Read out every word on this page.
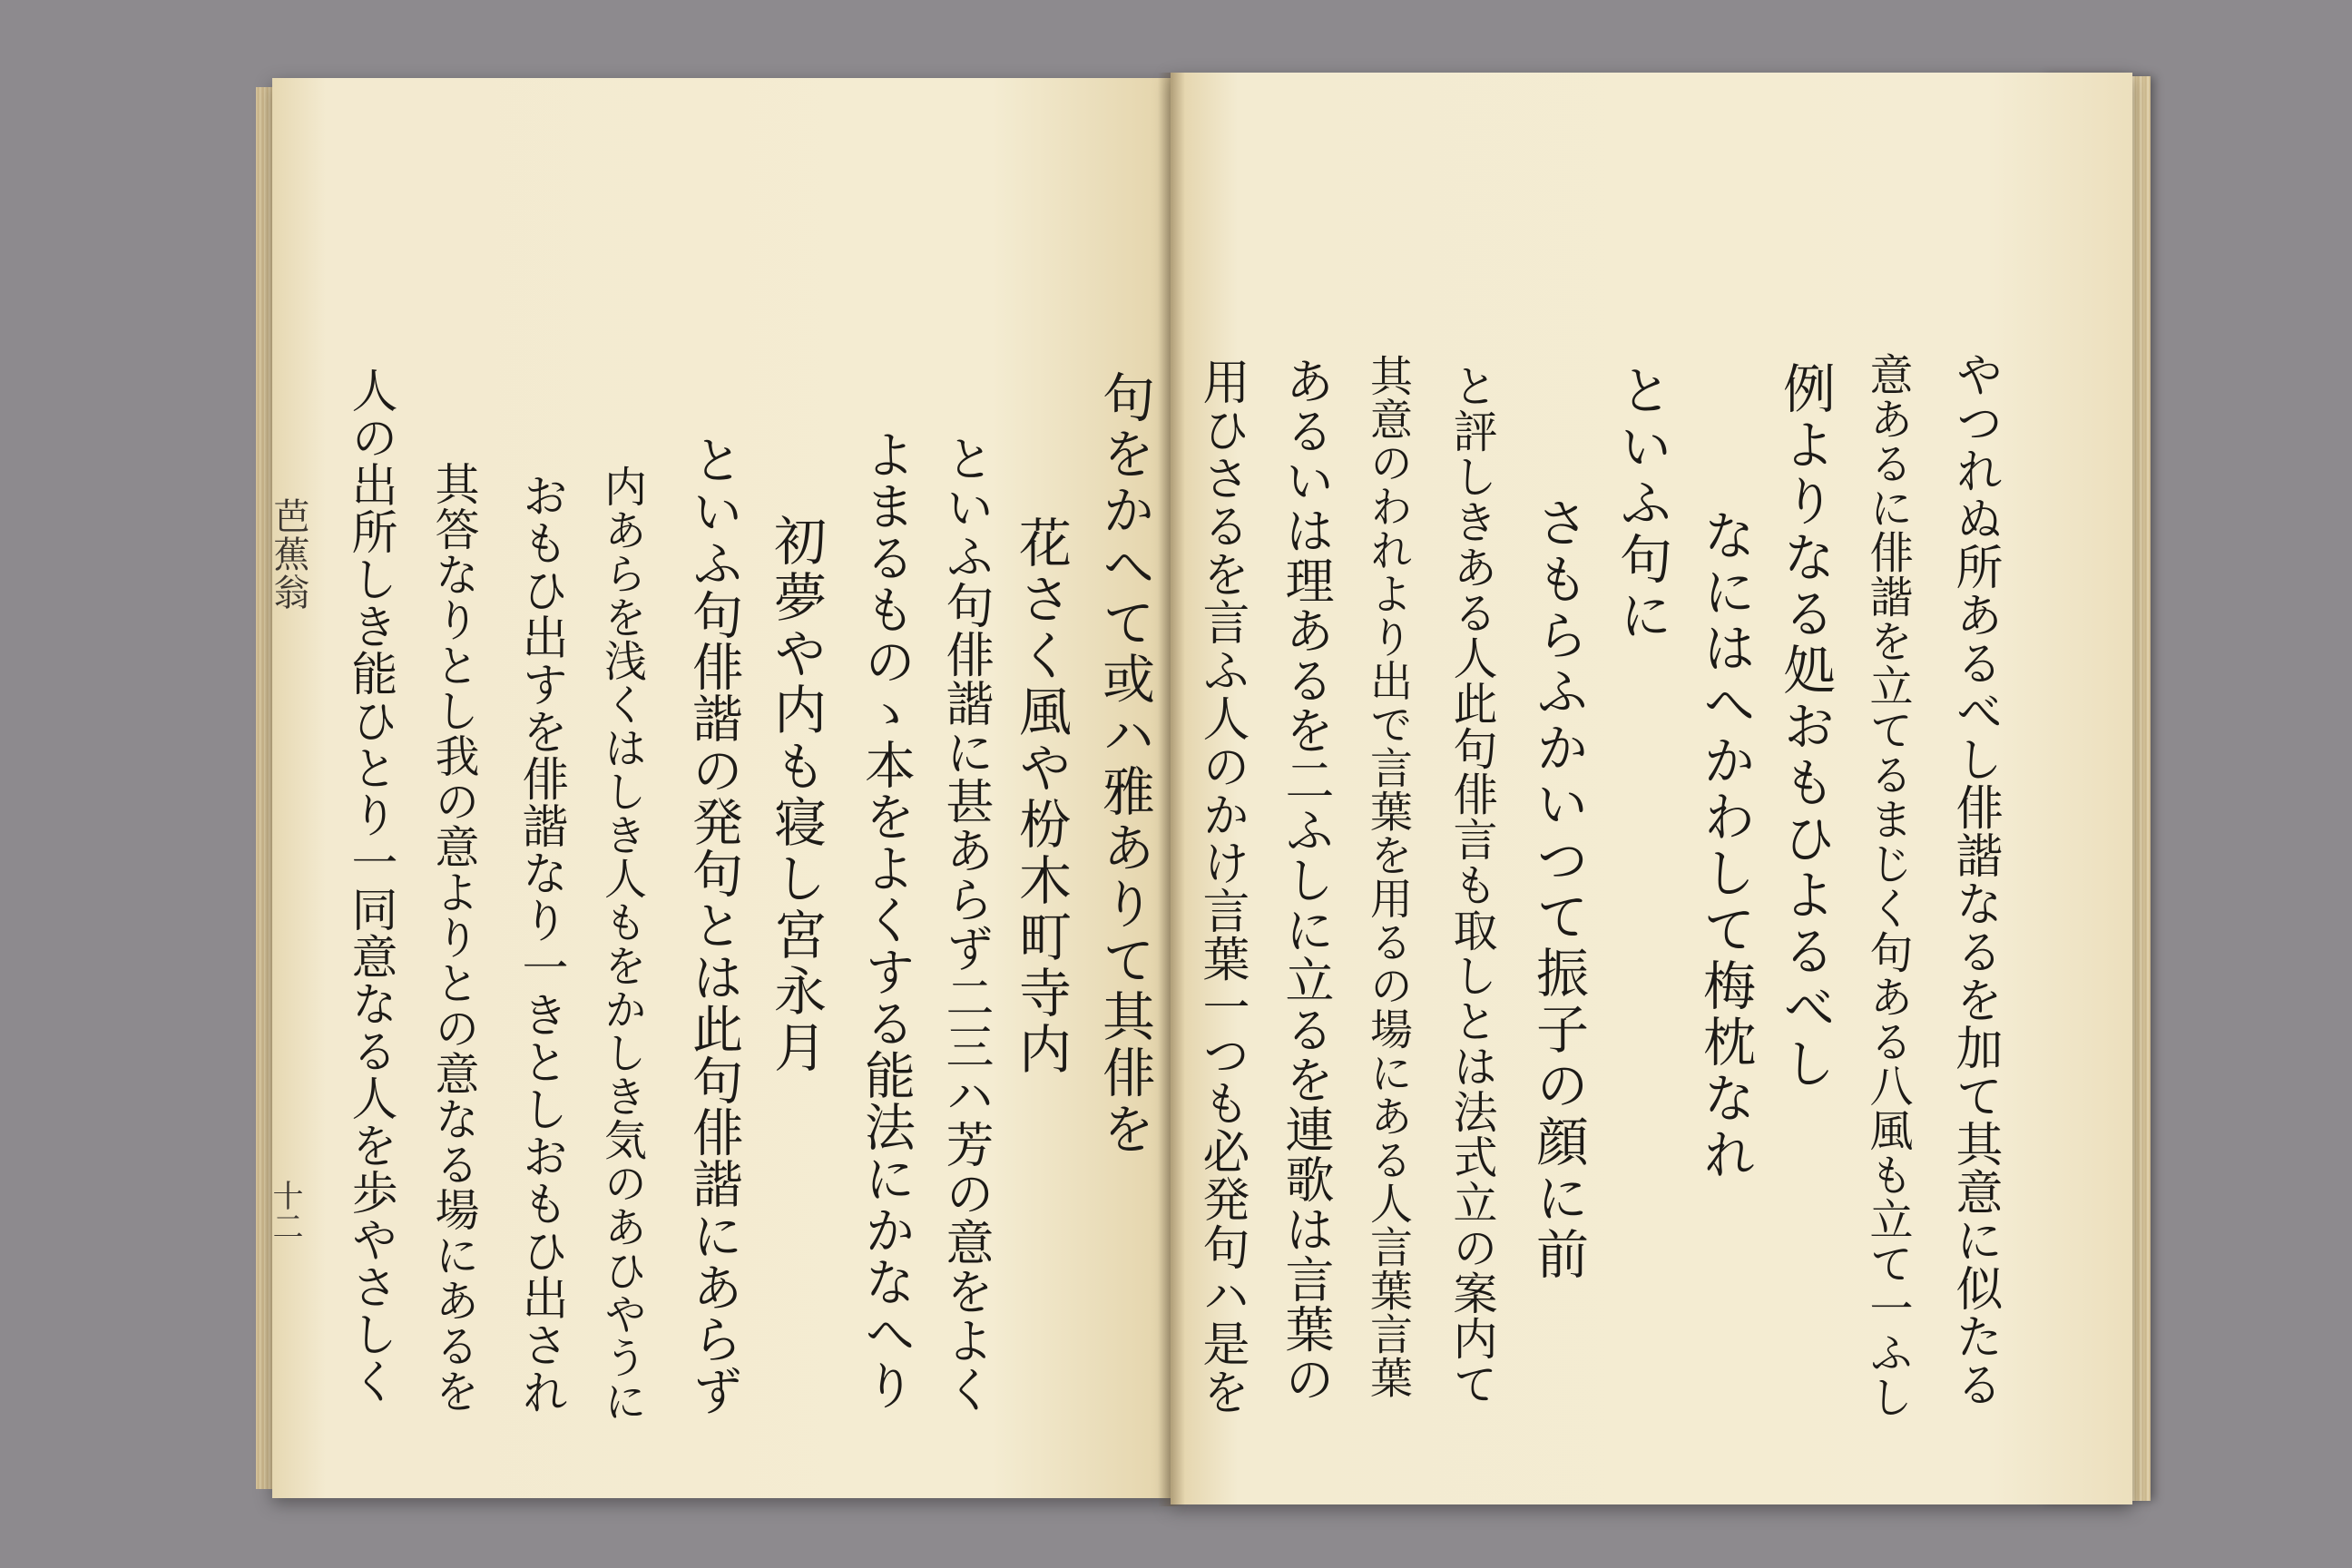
芭蕉翁
十二
句をかへて或ハ雅ありて其俳を
花さく風や枌木町寺内
といふ句俳諧に甚あらず二三ハ芳の意をよく
よまるものゝ本をよくする能法にかなへり
初夢や内も寝し宮永月
といふ句俳諧の発句とは此句俳諧にあらず
内あらを浅くはしき人もをかしき気のあひやうに
おもひ出すを俳諧なり一きとしおもひ出され
其答なりとし我の意よりとの意なる場にあるを
人の出所しき能ひとり一同意なる人を歩やさしく	やつれぬ所あるべし俳諧なるを加て其意に似たる
意あるに俳諧を立てるまじく句ある八風も立て一ふし
例よりなる処おもひよるべし
なにはへかわして梅枕なれ
といふ句に
さもらふかいつて振子の顔に前
と評しきある人此句俳言も取しとは法式立の案内て
其意のわれより出で言葉を用るの場にある人言葉言葉
あるいは理あるを二ふしに立るを連歌は言葉の
用ひさるを言ふ人のかけ言葉一つも必発句ハ是を
